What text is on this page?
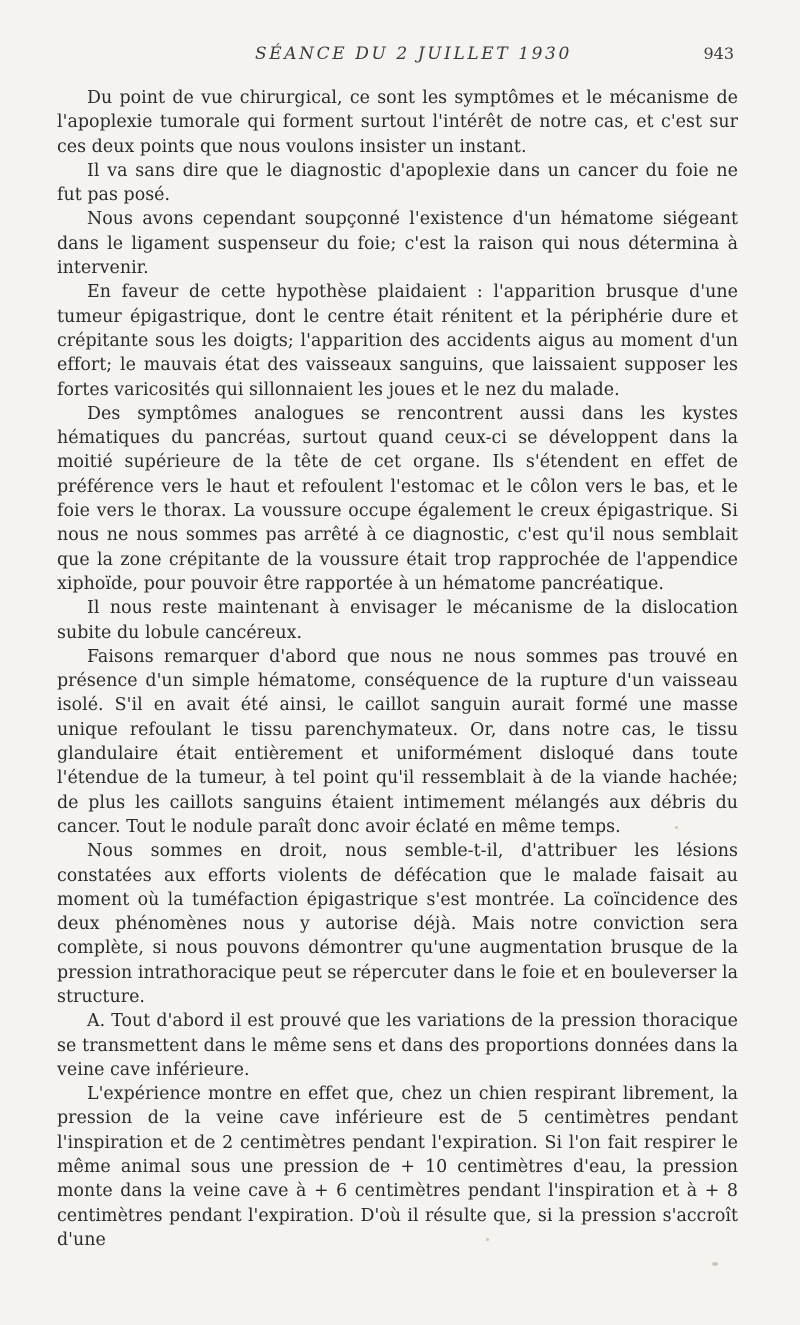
SÉANCE DU 2 JUILLET 1930	943

Du point de vue chirurgical, ce sont les symptômes et le mécanisme de l'apoplexie tumorale qui forment surtout l'intérêt de notre cas, et c'est sur ces deux points que nous voulons insister un instant.

Il va sans dire que le diagnostic d'apoplexie dans un cancer du foie ne fut pas posé.

Nous avons cependant soupçonné l'existence d'un hématome siégeant dans le ligament suspenseur du foie; c'est la raison qui nous détermina à intervenir.

En faveur de cette hypothèse plaidaient : l'apparition brusque d'une tumeur épigastrique, dont le centre était rénitent et la périphérie dure et crépitante sous les doigts; l'apparition des accidents aigus au moment d'un effort; le mauvais état des vaisseaux sanguins, que laissaient supposer les fortes varicosités qui sillonnaient les joues et le nez du malade.

Des symptômes analogues se rencontrent aussi dans les kystes hématiques du pancréas, surtout quand ceux-ci se développent dans la moitié supérieure de la tête de cet organe. Ils s'étendent en effet de préférence vers le haut et refoulent l'estomac et le côlon vers le bas, et le foie vers le thorax. La voussure occupe également le creux épigastrique. Si nous ne nous sommes pas arrêté à ce diagnostic, c'est qu'il nous semblait que la zone crépitante de la voussure était trop rapprochée de l'appendice xiphoïde, pour pouvoir être rapportée à un hématome pancréatique.

Il nous reste maintenant à envisager le mécanisme de la dislocation subite du lobule cancéreux.

Faisons remarquer d'abord que nous ne nous sommes pas trouvé en présence d'un simple hématome, conséquence de la rupture d'un vaisseau isolé. S'il en avait été ainsi, le caillot sanguin aurait formé une masse unique refoulant le tissu parenchymateux. Or, dans notre cas, le tissu glandulaire était entièrement et uniformément disloqué dans toute l'étendue de la tumeur, à tel point qu'il ressemblait à de la viande hachée; de plus les caillots sanguins étaient intimement mélangés aux débris du cancer. Tout le nodule paraît donc avoir éclaté en même temps.

Nous sommes en droit, nous semble-t-il, d'attribuer les lésions constatées aux efforts violents de défécation que le malade faisait au moment où la tuméfaction épigastrique s'est montrée. La coïncidence des deux phénomènes nous y autorise déjà. Mais notre conviction sera complète, si nous pouvons démontrer qu'une augmentation brusque de la pression intrathoracique peut se répercuter dans le foie et en bouleverser la structure.

A. Tout d'abord il est prouvé que les variations de la pression thoracique se transmettent dans le même sens et dans des proportions données dans la veine cave inférieure.

L'expérience montre en effet que, chez un chien respirant librement, la pression de la veine cave inférieure est de 5 centimètres pendant l'inspiration et de 2 centimètres pendant l'expiration. Si l'on fait respirer le même animal sous une pression de + 10 centimètres d'eau, la pression monte dans la veine cave à + 6 centimètres pendant l'inspiration et à + 8 centimètres pendant l'expiration. D'où il résulte que, si la pression s'accroît d'une
